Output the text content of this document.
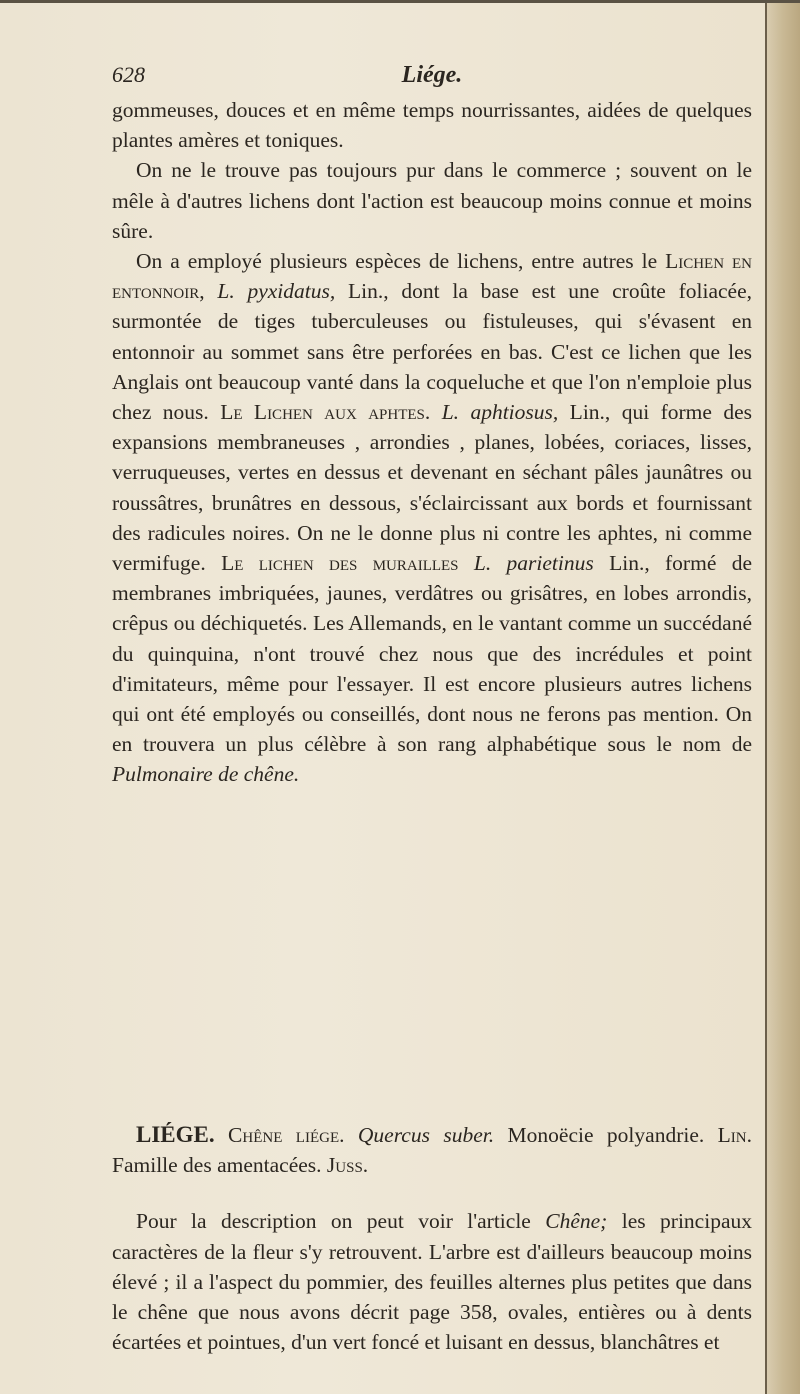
628	Liége.

gommeuses, douces et en même temps nourrissantes, aidées de quelques plantes amères et toniques.

On ne le trouve pas toujours pur dans le commerce ; souvent on le mêle à d'autres lichens dont l'action est beaucoup moins connue et moins sûre.

On a employé plusieurs espèces de lichens, entre autres le Lichen en entonnoir, L. pyxidatus, Lin., dont la base est une croûte foliacée, surmontée de tiges tuberculeuses ou fistuleuses, qui s'évasent en entonnoir au sommet sans être perforées en bas. C'est ce lichen que les Anglais ont beaucoup vanté dans la coqueluche et que l'on n'emploie plus chez nous. Le Lichen aux aphtes. L. aphtiosus, Lin., qui forme des expansions membraneuses , arrondies , planes, lobées, coriaces, lisses, verruqueuses, vertes en dessus et devenant en séchant pâles jaunâtres ou roussâtres, brunâtres en dessous, s'éclaircissant aux bords et fournissant des radicules noires. On ne le donne plus ni contre les aphtes, ni comme vermifuge. Le lichen des murailles L. parietinus Lin., formé de membranes imbriquées, jaunes, verdâtres ou grisâtres, en lobes arrondis, crêpus ou déchiquetés. Les Allemands, en le vantant comme un succédané du quinquina, n'ont trouvé chez nous que des incrédules et point d'imitateurs, même pour l'essayer. Il est encore plusieurs autres lichens qui ont été employés ou conseillés, dont nous ne ferons pas mention. On en trouvera un plus célèbre à son rang alphabétique sous le nom de Pulmonaire de chêne.

LIÉGE. Chêne liége. Quercus suber. Monoëcie polyandrie. Lin. Famille des amentacées. Juss.

Pour la description on peut voir l'article Chêne; les principaux caractères de la fleur s'y retrouvent. L'arbre est d'ailleurs beaucoup moins élevé ; il a l'aspect du pommier, des feuilles alternes plus petites que dans le chêne que nous avons décrit page 358, ovales, entières ou à dents écartées et pointues, d'un vert foncé et luisant en dessus, blanchâtres et
